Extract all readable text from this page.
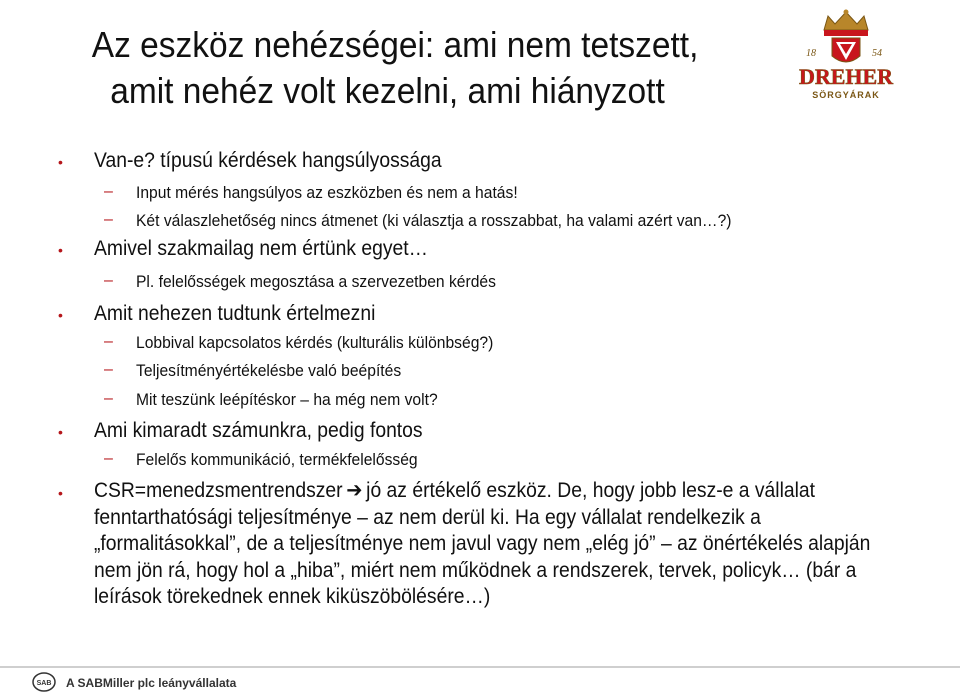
Az eszköz nehézségei: ami nem tetszett,
amit nehéz volt kezelni, ami hiányzott
18	54
DREHER
SÖRGYÁRAK
• Van-e? típusú kérdések hangsúlyossága
– Input mérés hangsúlyos az eszközben és nem a hatás!
– Két válaszlehetőség nincs átmenet (ki választja a rosszabbat, ha valami azért van…?)
• Amivel szakmailag nem értünk egyet…
– Pl. felelősségek megosztása a szervezetben kérdés
• Amit nehezen tudtunk értelmezni
– Lobbival kapcsolatos kérdés (kulturális különbség?)
– Teljesítményértékelésbe való beépítés
– Mit teszünk leépítéskor – ha még nem volt?
• Ami kimaradt számunkra, pedig fontos
– Felelős kommunikáció, termékfelelősség
• CSR=menedzsmentrendszer ➔ jó az értékelő eszköz. De, hogy jobb lesz-e a vállalat
fenntarthatósági teljesítménye – az nem derül ki. Ha egy vállalat rendelkezik a
„formalitásokkal”, de a teljesítménye nem javul vagy nem „elég jó” – az önértékelés alapján
nem jön rá, hogy hol a „hiba”, miért nem működnek a rendszerek, tervek, policyk… (bár a
leírások törekednek ennek kiküszöbölésére…)
SAB A SABMiller plc leányvállalata
